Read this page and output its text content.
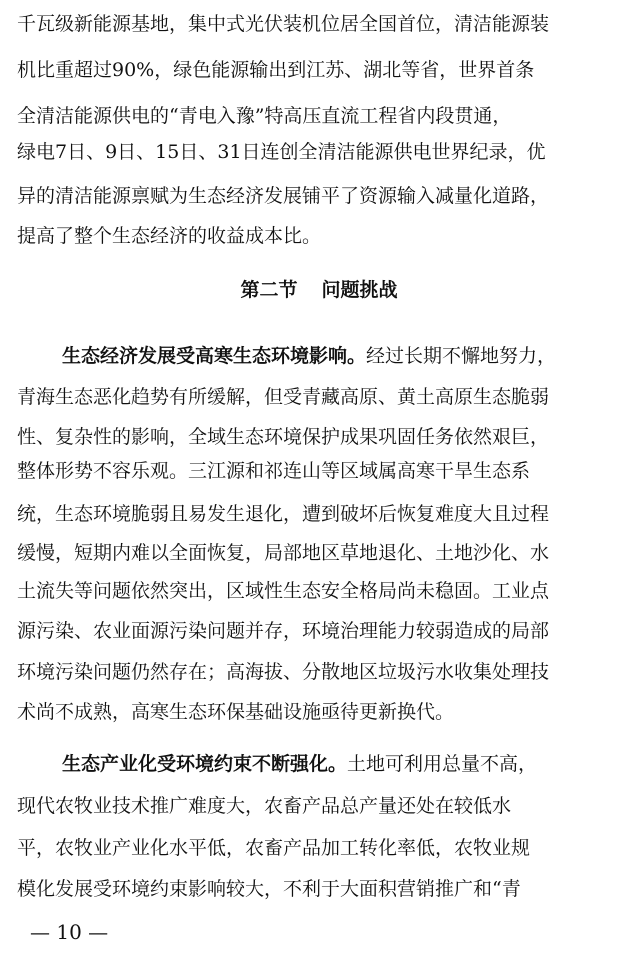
千瓦级新能源基地，集中式光伏装机位居全国首位，清洁能源装
机比重超过90%，绿色能源输出到江苏、湖北等省，世界首条
全清洁能源供电的“青电入豫”特高压直流工程省内段贯通，
绿电7日、9日、15日、31日连创全清洁能源供电世界纪录，优
异的清洁能源禀赋为生态经济发展铺平了资源输入减量化道路，
提高了整个生态经济的收益成本比。
第二节 问题挑战
生态经济发展受高寒生态环境影响。经过长期不懈地努力，
青海生态恶化趋势有所缓解，但受青藏高原、黄土高原生态脆弱
性、复杂性的影响，全域生态环境保护成果巩固任务依然艰巨，
整体形势不容乐观。三江源和祁连山等区域属高寒干旱生态系
统，生态环境脆弱且易发生退化，遭到破坏后恢复难度大且过程
缓慢，短期内难以全面恢复，局部地区草地退化、土地沙化、水
土流失等问题依然突出，区域性生态安全格局尚未稳固。工业点
源污染、农业面源污染问题并存，环境治理能力较弱造成的局部
环境污染问题仍然存在；高海拔、分散地区垃圾污水收集处理技
术尚不成熟，高寒生态环保基础设施亟待更新换代。
生态产业化受环境约束不断强化。土地可利用总量不高，
现代农牧业技术推广难度大，农畜产品总产量还处在较低水
平，农牧业产业化水平低，农畜产品加工转化率低，农牧业规
模化发展受环境约束影响较大，不利于大面积营销推广和“青
— 10 —
